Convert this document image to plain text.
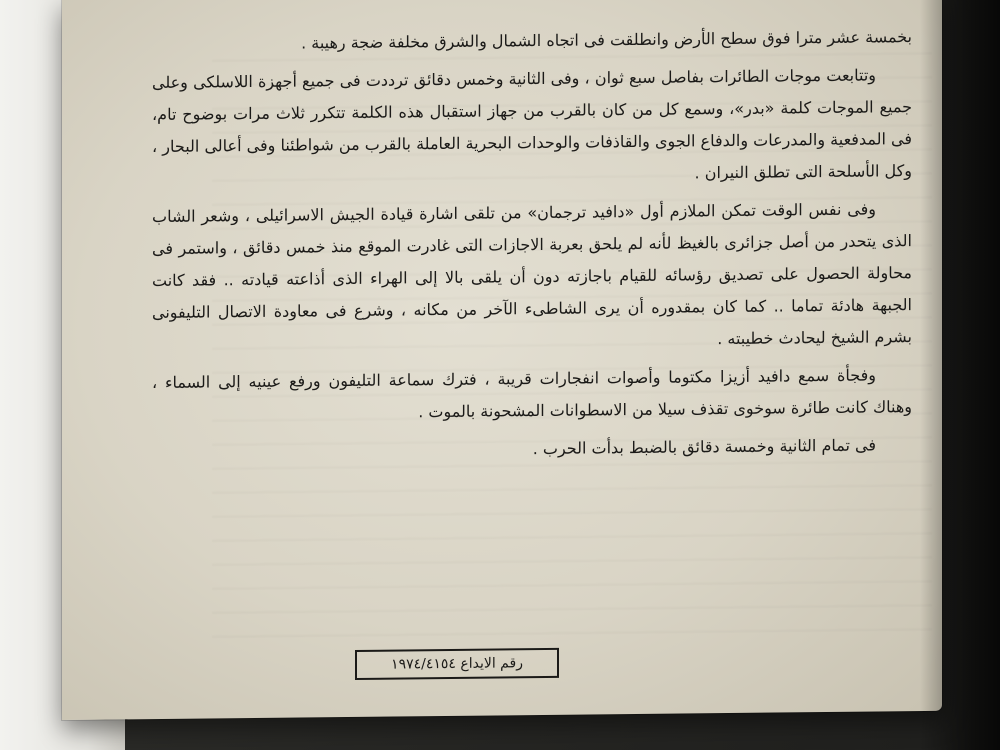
بخمسة عشر مترا فوق سطح الأرض وانطلقت فى اتجاه الشمال والشرق مخلفة ضجة رهيبة .

وتتابعت موجات الطائرات بفاصل سبع ثوان ، وفى الثانية وخمس دقائق ترددت فى جميع أجهزة اللاسلكى وعلى جميع الموجات كلمة «بدر»، وسمع كل من كان بالقرب من جهاز استقبال هذه الكلمة تتكرر ثلاث مرات بوضوح تام، فى المدفعية والمدرعات والدفاع الجوى والقاذفات والوحدات البحرية العاملة بالقرب من شواطئنا وفى أعالى البحار ، وكل الأسلحة التى تطلق النيران .

وفى نفس الوقت تمكن الملازم أول «دافيد ترجمان» من تلقى اشارة قيادة الجيش الاسرائيلى ، وشعر الشاب الذى يتحدر من أصل جزائرى بالغيظ لأنه لم يلحق بعربة الاجازات التى غادرت الموقع منذ خمس دقائق ، واستمر فى محاولة الحصول على تصديق رؤسائه للقيام باجازته دون أن يلقى بالا إلى الهراء الذى أذاعته قيادته .. فقد كانت الجبهة هادئة تماما .. كما كان بمقدوره أن يرى الشاطىء الآخر من مكانه ، وشرع فى معاودة الاتصال التليفونى بشرم الشيخ ليحادث خطيبته .

وفجأة سمع دافيد أزيزا مكتوما وأصوات انفجارات قريبة ، فترك سماعة التليفون ورفع عينيه إلى السماء ، وهناك كانت طائرة سوخوى تقذف سيلا من الاسطوانات المشحونة بالموت .

فى تمام الثانية وخمسة دقائق بالضبط بدأت الحرب .

رقم الايداع ١٩٧٤/٤١٥٤
